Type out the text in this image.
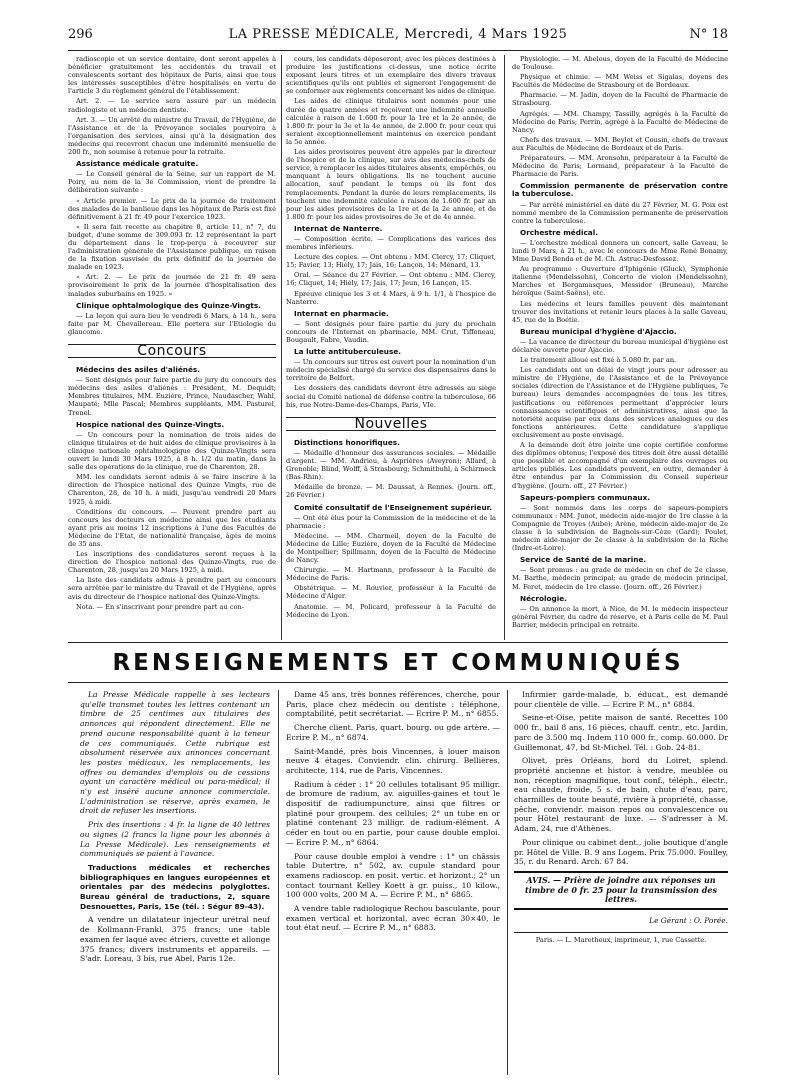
296	LA PRESSE MÉDICALE, Mercredi, 4 Mars 1925	N° 18

radioscopie et un service dentaire, dont seront appelés à bénéficier gratuitement les accidentés du travail et convalescents sortant des hôpitaux de Paris, ainsi que tous les intéressés susceptibles d'être hospitalisés en vertu de l'article 3 du règlement général de l'établissement.

Art. 2. — Le service sera assuré par un médecin radiologiste et un médecin dentiste.

Art. 3. — Un arrêté du ministre du Travail, de l'Hygiène, de l'Assistance et de la Prévoyance sociales pourvoira à l'organisation des services, ainsi qu'à la désignation des médecins qui recevront chacun une indemnité mensuelle de 200 fr., non soumise à retenue pour la retraite.

Assistance médicale gratuite.

— Le Conseil général de la Seine, sur un rapport de M. Poiry, au nom de la 3e Commission, vient de prendre la délibération suivante :

« Article premier. — Le prix de la journée de traitement des malades de la banlieue dans les hôpitaux de Paris est fixé définitivement à 21 fr. 49 pour l'exercice 1923.

« Il sera fait recette au chapitre 8, article 11, n° 7, du budget, d'une somme de 309.093 fr. 12 représentant la part du département dans le trop-perçu à recouvrer sur l'administration générale de l'Assistance publique, en raison de la fixation susvisée du prix définitif de la journée de malade en 1923.

« Art. 2. — Le prix de journée de 21 fr. 49 sera provisoirement le prix de la journée d'hospitalisation des malades suburbains en 1925. »

Clinique ophtalmologique des Quinze-Vingts.

— La leçon qui aura lieu le vendredi 6 Mars, à 14 h., sera faite par M. Chevallereau. Elle portera sur l'Etiologie du glaucome.

Concours
Médecins des asiles d'aliénés.

— Sont désignés pour faire partie du jury du concours des médecins des asiles d'aliénés : Président, M. Dequidt; Membres titulaires, MM. Euzière, Prince, Naudascher, Wahl, Maupaté; Mlle Pascal; Membres suppléants, MM. Pasturel, Trenel.

Hospice national des Quinze-Vingts.

— Un concours pour la nomination de trois aides de clinique titulaires et de huit aides de clinique provisoires à la clinique nationale ophtalmologique des Quinze-Vingts sera ouvert le lundi 30 Mars 1925, à 8 h. 1/2 du matin, dans la salle des opérations de la clinique, rue de Charenton, 28.

MM. les candidats seront admis à se faire inscrire à la direction de l'hospice national des Quinze Vingts, rue de Charenton, 28, de 10 h. à midi, jusqu'au vendredi 20 Mars 1925, à midi.

Conditions du concours. — Peuvent prendre part au concours les docteurs en médecine ainsi que les étudiants ayant pris au moins 12 inscriptions à l'une des Facultés de Médecine de l'Etat, de nationalité française, âgés de moins de 35 ans.

Les inscriptions des candidatures seront reçues à la direction de l'hospice national des Quinze-Vingts, rue de Charenton, 28, jusqu'au 20 Mars 1925, à midi.

La liste des candidats admis à prendre part au concours sera arrêtée par le ministre du Travail et de l'Hygiène, après avis du directeur de l'hospice national des Quinze-Vingts.

Nota. — En s'inscrivant pour prendre part au con-

cours, les candidats déposeront, avec les pièces destinées à produire les justifications ci-dessus, une notice écrite exposant leurs titres et un exemplaire des divers travaux scientifiques qu'ils ont publiés et signeront l'engagement de se conformer aux règlements concernant les aides de clinique.

Les aides de clinique titulaires sont nommés pour une durée de quatre années et reçoivent une indemnité annuelle calculée à raison de 1.600 fr. pour la 1re et la 2e année, de 1.800 fr. pour la 3e et la 4e année, de 2.000 fr. pour ceux qui seraient exceptionnellement maintenus en exercice pendant la 5e année.

Les aides provisoires peuvent être appelés par le directeur de l'hospice et de la clinique, sur avis des médecins-chefs de service, à remplacer les aides titulaires absents, empêchés, ou manquant à leurs obligations. Ils ne touchent aucune allocation, sauf pendant le temps où ils font des remplacements. Pendant la durée de leurs remplacements, ils touchent une indemnité calculée à raison de 1.600 fr. par an pour les aides provisoires de la 1re et de la 2e année, et de 1.800 fr. pour les aides provisoires de 3e et de 4e année.

Internat de Nanterre.

— Composition écrite. — Complications des varices des membres inférieurs.

Lecture des copies. — Ont obtenu : MM. Clercy, 17; Cliquet, 15; Favier, 13; Hiély, 17; Jais, 16; Lançon, 14; Ménard, 13.

Oral. — Séance du 27 Février. — Ont obtenu : MM. Clercy, 16; Cliquet, 14; Hiély, 17; Jais, 17; Jeun, 16 Lançon, 15.

Epreuve clinique les 3 et 4 Mars, à 9 h. 1/1, à l'hospice de Nanterre.

Internat en pharmacie.

— Sont désignés pour faire partie du jury du prochain concours de l'Internat en pharmacie, MM. Crut, Tiffeneau, Bougault, Fabre, Vaudin.

La lutte antituberculeuse.

— Un concours sur titres est ouvert pour la nomination d'un médecin spécialisé chargé du service des dispensaires dans le territoire de Belfort.

Les dossiers des candidats devront être adressés au siège social du Comité national de défense contre la tuberculose, 66 bis, rue Notre-Dame-des-Champs, Paris, VIe.

Nouvelles
Distinctions honorifiques.

— Médaille d'honneur des assurances sociales. — Médaille d'argent. — MM. Andrieu, à Asprières (Aveyron); Allard, à Grenoble; Blind, Wolff, à Strasbourg; Schmitbuhl, à Schirmeck (Bas-Rhin).

Médaille de bronze. — M. Daussat, à Rennes. (Journ. off., 26 Février.)

Comité consultatif de l'Enseignement supérieur.

— Ont été élus pour la Commission de la médecine et de la pharmacie :

Médecine. — MM. Charmeil, doyen de la Faculté de Médecine de Lille; Euzière, doyen de la Faculté de Médecine de Montpellier; Spillmann, doyen de la Faculté de Médecine de Nancy.

Chirurgie. — M. Hartmann, professeur à la Faculté de Médecine de Paris.

Obstétrique. — M. Rouvier, professeur à la Faculté de Médecine d'Alger.

Anatomie. — M. Policard, professeur à la Faculté de Médecine de Lyon.

Physiologie. — M. Abelous, doyen de la Faculté de Médecine de Toulouse.

Physique et chimie. — MM Weiss et Sigalas, doyens des Facultés de Médecine de Strasbourg et de Bordeaux.

Pharmacie. — M. Jadin, doyen de la Faculté de Pharmacie de Strasbourg.

Agrégés. — MM. Champy, Tassilly, agrégés à la Faculté de Médecine de Paris; Perrin, agrégé à la Faculté de Médecine de Nancy.

Chefs des travaux. — MM. Beylot et Cousin, chefs de travaux aux Facultés de Médecine de Bordeaux et de Paris.

Préparateurs. — MM. Aronsohn, préparateur à la Faculté de Médecine de Paris; Lormand, préparateur à la Faculté de Pharmacie de Paris.

Commission permanente de préservation contre la tuberculose.

— Par arrêté ministériel en date du 27 Février, M. G. Poix est nommé membre de la Commission permanente de préservation contre la tuberculose.

Orchestre médical.

— L'orchestre médical donnera un concert, salle Gaveau, le lundi 9 Mars, à 21 h., avec le concours de Mme René Bonamy, Mme David Benda et de M. Ch. Astruc-Desfossez.

Au programme : Ouverture d'Iphigénie (Gluck), Symphonie italienne (Mendelssohn), Concerto de violon (Mendelssohn), Marches et Bergamasques, Messidor (Bruneau), Marche héroïque (Saint-Saëns), etc.

Les médecins et leurs familles peuvent dès maintenant trouver des invitations et retenir leurs places à la salle Gaveau, 45, rue de la Boétie.

Bureau municipal d'hygiène d'Ajaccio.

— La vacance de directeur du bureau municipal d'hygiène est déclarée ouverte pour Ajaccio.

Le traitement alloué est fixé à 5.080 fr. par an.

Les candidats ont un délai de vingt jours pour adresser au ministre de l'Hygiène, de l'Assistance et de la Prévoyance sociales (direction de l'Assistance et de l'Hygiène publiques, 7e bureau) leurs demandes accompagnées de tous les titres, justifications ou références permettant d'apprécier leurs connaissances scientifiques et administratives, ainsi que la notoriété acquise par eux dans des services analogues ou des fonctions antérieures. Cette candidature s'applique exclusivement au poste envisagé.

A la demande doit être jointe une copie certifiée conforme des diplômes obtenus; l'exposé des titres doit être aussi détaillé que possible et accompagné d'un exemplaire des ouvrages ou articles publiés. Les candidats peuvent, en outre, demander à être entendus par la Commission du Conseil supérieur d'hygiène. (Journ. off., 27 Février.)

Sapeurs-pompiers communaux.

— Sont nommés dans les corps de sapeurs-pompiers communaux : MM. Junot, médecin aide-major de 1re classe à la Compagnie de Troyes (Aube); Arène, médecin aide-major de 2e classe à la subdivision de Bagnols-sur-Cèze (Gard); Poulet, médecin aide-major de 2e classe à la subdivision de la Riche (Indre-et-Loire).

Service de Santé de la marine.

— Sont promus : au grade de médecin en chef de 2e classe, M. Barthe, médecin principal; au grade de médecin principal, M. Feret, médecin de 1re classe. (Journ. off., 26 Février.)

Nécrologie.

— On annonce la mort, à Nice, de M. le médecin inspecteur général Février, du cadre de réserve, et à Paris celle de M. Paul Barrier, médecin principal en retraite.

RENSEIGNEMENTS ET COMMUNIQUÉS

La Presse Médicale rappelle à ses lecteurs qu'elle transmet toutes les lettres contenant un timbre de 25 centimes aux titulaires des annonces qui répondent directement. Elle ne prend aucune responsabilité quant à la teneur de ces communiqués. Cette rubrique est absolument réservée aux annonces concernant les postes médicaux, les remplacements, les offres ou demandes d'emplois ou de cessions ayant un caractère médical ou para-médical; il n'y est inséré aucune annonce commerciale. L'administration se réserve, après examen, le droit de refuser les insertions.

Prix des insertions : 4 fr. la ligne de 40 lettres ou signes (2 francs la ligne pour les abonnés à La Presse Médicale). Les renseignements et communiqués se paient à l'avance.

Traductions médicales et recherches bibliographiques en langues européennes et orientales par des médecins polyglottes. Bureau général de traductions, 2, square Desnouettes, Paris, 15e (tél. : Ségur 89-43).

A vendre un dilatateur injecteur urétral neuf de Kollmann-Frankl, 375 francs; une table examen fer laqué avec étriers, cuvette et allonge 375 francs; divers instruments et appareils. — S'adr. Loreau, 3 bis, rue Abel, Paris 12e.

Dame 45 ans, très bonnes références, cherche, pour Paris, place chez médecin ou dentiste : téléphone, comptabilité, petit secrétariat. — Ecrire P. M., n° 6855.

Cherche client. Paris, quart. bourg. ou gde artère. — Ecrire P. M., n° 6874.

Saint-Mandé, près bois Vincennes, à louer maison neuve 4 étages. Conviendr. clin. chirurg. Bellières, architecte, 114, rue de Paris, Vincennes.

Radium à céder : 1° 20 cellules totalisant 95 milligr. de bromure de radium, av. aiguilles-gaines et tout le dispositif de radiumpuncture, ainsi que filtres or platiné pour groupem. des cellules; 2° un tube en or platiné contenant 23 milligr. de radium-élément. A céder en tout ou en partie, pour cause double emploi. — Ecrire P. M., n° 6864.

Pour cause double emploi à vendre : 1° un châssis table Dutertre, n° 502, av. cupule standard pour examens radioscop. en posit. vertic. et horizont.; 2° un contact tournant Kelley Koett à gr. puiss., 10 kilow., 100 000 volts, 200 M A. — Ecrire P. M., n° 6865.

A vendre table radiologique Rechou basculante, pour examen vertical et horizontal, avec écran 30×40, le tout état neuf. — Ecrire P. M., n° 6883.

Infirmier garde-malade, b. éducat., est demandé pour clientèle de ville. — Ecrire P. M., n° 6884.

Seine-et-Oise, petite maison de santé. Recettes 100 000 fr., bail 8 ans, 16 pièces, chauff. centr., etc. Jardin, parc de 3.500 mq. Indem 110 000 fr., comp. 60.000. Dr Guillemonat, 47, bd St-Michel. Tél. : Gob. 24-81.

Olivet, près Orléans, bord du Loiret, splend. propriété ancienne et histor. à vendre, meublée ou non, réception magnifique, tout conf., téléph., électr., eau chaude, froide, 5 s. de bain, chute d'eau, parc, charmilles de toute beauté, rivière à propriété, chasse, pêche, conviendr. maison repos ou convalescence ou pour Hôtel restaurant de luxe. — S'adresser à M. Adam, 24, rue d'Athènes.

Pour clinique ou cabinet dent., jolie boutique d'angle pr. Hôtel de Ville. B. 9 ans Logem. Prix 75.000. Foulley, 35, r. du Renard. Arch. 67 84.

AVIS. — Prière de joindre aux réponses un timbre de 0 fr. 25 pour la transmission des lettres.
Le Gérant : O. Porée.
Paris. — L. Maretheux, imprimeur, 1, rue Cassette.
